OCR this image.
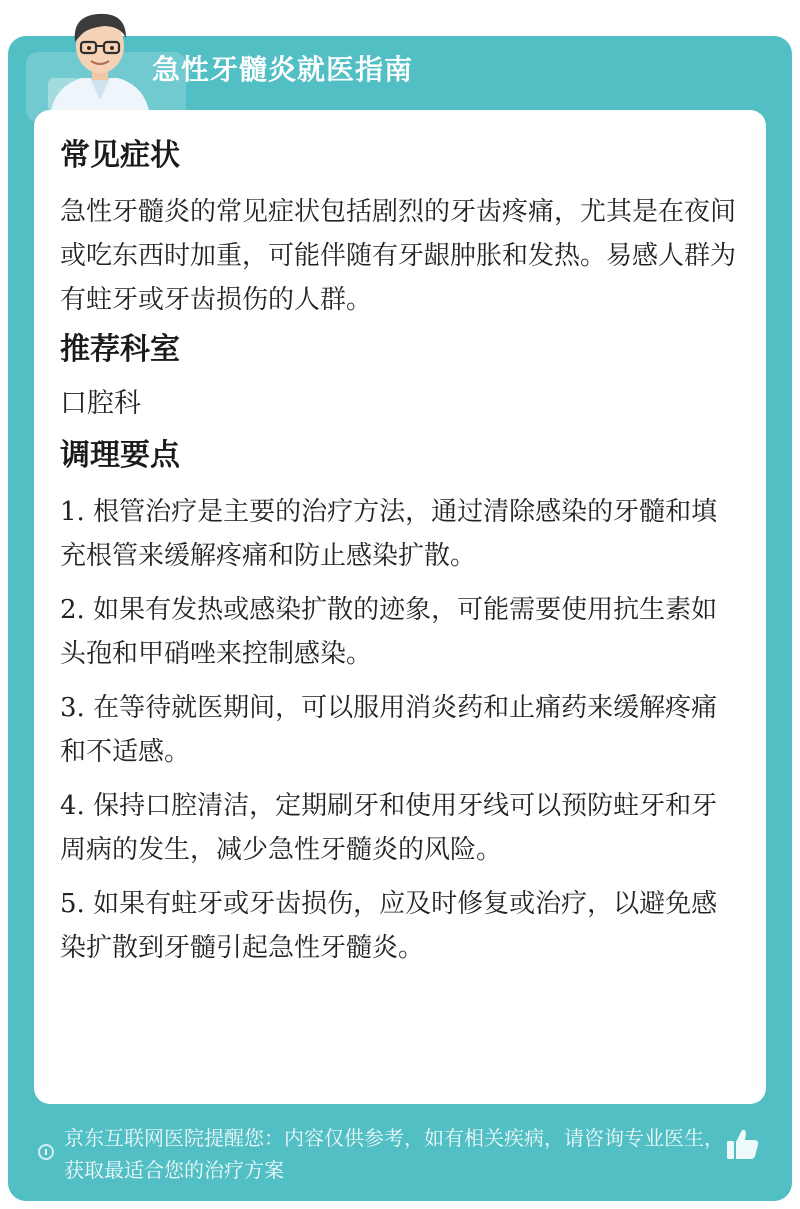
急性牙髓炎就医指南
常见症状

急性牙髓炎的常见症状包括剧烈的牙齿疼痛，尤其是在夜间或吃东西时加重，可能伴随有牙龈肿胀和发热。易感人群为有蛀牙或牙齿损伤的人群。

推荐科室
口腔科
调理要点

1. 根管治疗是主要的治疗方法，通过清除感染的牙髓和填充根管来缓解疼痛和防止感染扩散。

2. 如果有发热或感染扩散的迹象，可能需要使用抗生素如头孢和甲硝唑来控制感染。

3. 在等待就医期间，可以服用消炎药和止痛药来缓解疼痛和不适感。

4. 保持口腔清洁，定期刷牙和使用牙线可以预防蛀牙和牙周病的发生，减少急性牙髓炎的风险。

5. 如果有蛀牙或牙齿损伤，应及时修复或治疗，以避免感染扩散到牙髓引起急性牙髓炎。

京东互联网医院提醒您：内容仅供参考，如有相关疾病，请咨询专业医生，获取最适合您的治疗方案
